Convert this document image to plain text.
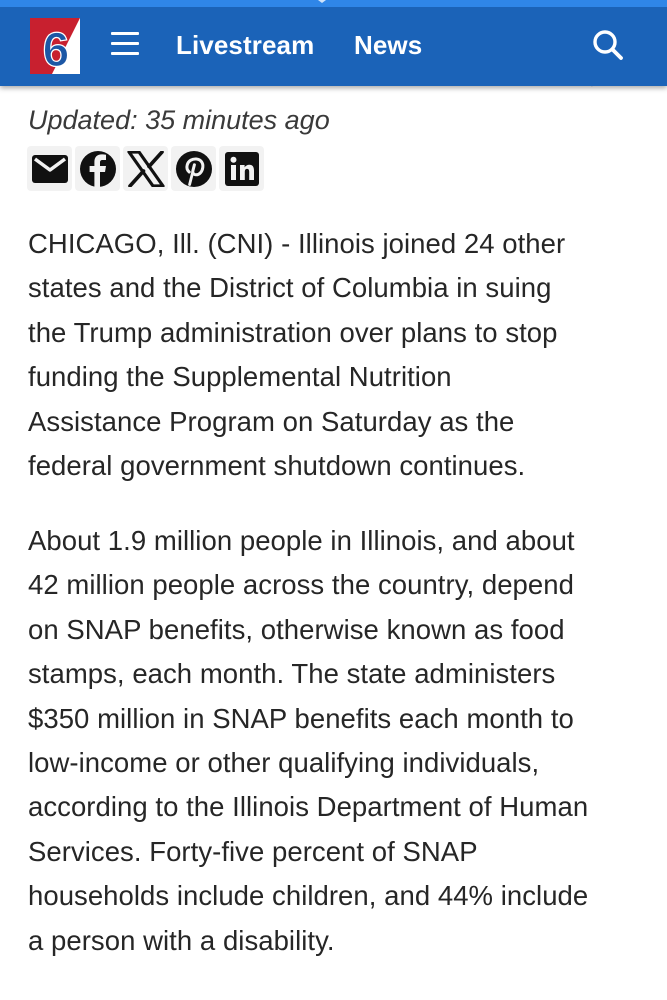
Updated: 35 minutes ago

CHICAGO, Ill. (CNI) - Illinois joined 24 other
states and the District of Columbia in suing
the Trump administration over plans to stop
funding the Supplemental Nutrition
Assistance Program on Saturday as the
federal government shutdown continues.

About 1.9 million people in Illinois, and about
42 million people across the country, depend
on SNAP benefits, otherwise known as food
stamps, each month. The state administers
$350 million in SNAP benefits each month to
low-income or other qualifying individuals,
according to the Illinois Department of Human
Services. Forty-five percent of SNAP
households include children, and 44% include
a person with a disability.

6	Livestream News
